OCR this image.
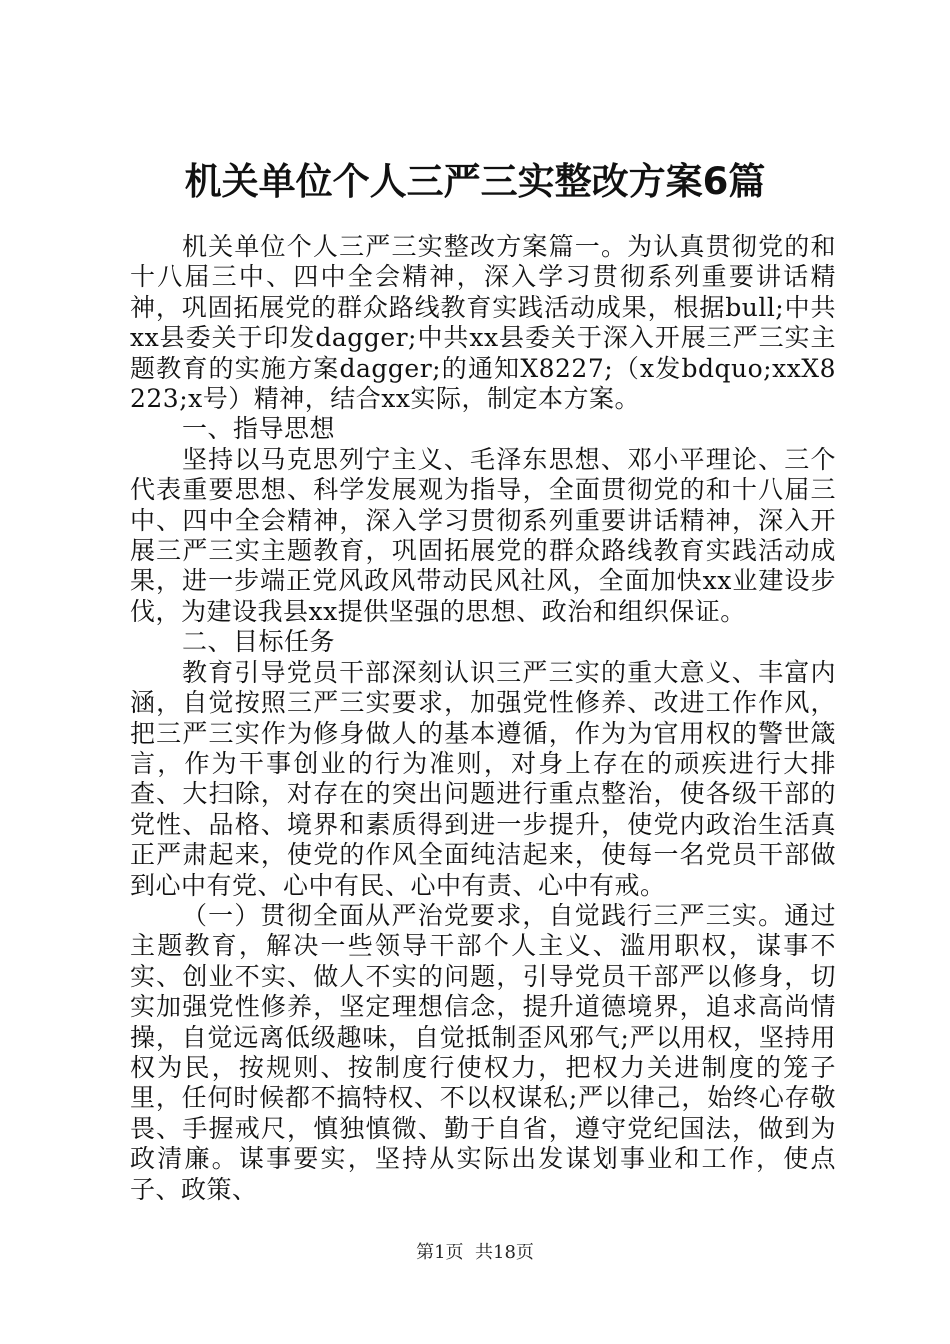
机关单位个人三严三实整改方案6篇

机关单位个人三严三实整改方案篇一。为认真贯彻党的和十八届三中、四中全会精神，深入学习贯彻系列重要讲话精神，巩固拓展党的群众路线教育实践活动成果，根据bull;中共xx县委关于印发dagger;中共xx县委关于深入开展三严三实主题教育的实施方案dagger;的通知X8227;（x发bdquo;xxX8223;x号）精神，结合xx实际，制定本方案。

一、指导思想

坚持以马克思列宁主义、毛泽东思想、邓小平理论、三个代表重要思想、科学发展观为指导，全面贯彻党的和十八届三中、四中全会精神，深入学习贯彻系列重要讲话精神，深入开展三严三实主题教育，巩固拓展党的群众路线教育实践活动成果，进一步端正党风政风带动民风社风，全面加快xx业建设步伐，为建设我县xx提供坚强的思想、政治和组织保证。

二、目标任务

教育引导党员干部深刻认识三严三实的重大意义、丰富内涵，自觉按照三严三实要求，加强党性修养、改进工作作风，把三严三实作为修身做人的基本遵循，作为为官用权的警世箴言，作为干事创业的行为准则，对身上存在的顽疾进行大排查、大扫除，对存在的突出问题进行重点整治，使各级干部的党性、品格、境界和素质得到进一步提升，使党内政治生活真正严肃起来，使党的作风全面纯洁起来，使每一名党员干部做到心中有党、心中有民、心中有责、心中有戒。

（一）贯彻全面从严治党要求，自觉践行三严三实。通过主题教育，解决一些领导干部个人主义、滥用职权，谋事不实、创业不实、做人不实的问题，引导党员干部严以修身，切实加强党性修养，坚定理想信念，提升道德境界，追求高尚情操，自觉远离低级趣味，自觉抵制歪风邪气;严以用权，坚持用权为民，按规则、按制度行使权力，把权力关进制度的笼子里，任何时候都不搞特权、不以权谋私;严以律己，始终心存敬畏、手握戒尺，慎独慎微、勤于自省，遵守党纪国法，做到为政清廉。谋事要实，坚持从实际出发谋划事业和工作，使点子、政策、

第1页  共18页
